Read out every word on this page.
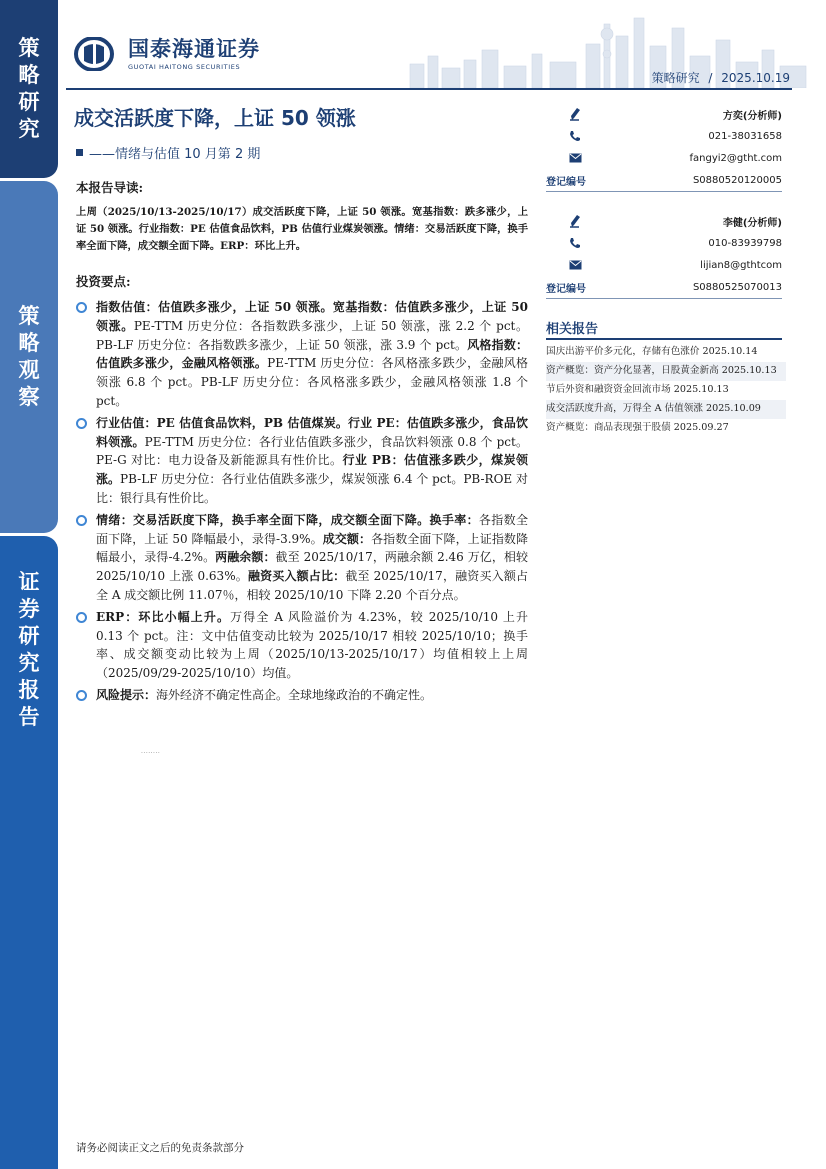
策
略
研
究
策
略
观
察
证
券
研
究
报
告
国泰海通证券
GUOTAI HAITONG SECURITIES
策略研究 / 2025.10.19
成交活跃度下降，上证 50 领涨
——情绪与估值 10 月第 2 期
本报告导读:

上周（2025/10/13-2025/10/17）成交活跃度下降，上证 50 领涨。宽基指数：跌多涨少，上证 50 领涨。行业指数：PE 估值食品饮料，PB 估值行业煤炭领涨。情绪：交易活跃度下降，换手率全面下降，成交额全面下降。ERP：环比上升。

投资要点:
指数估值：估值跌多涨少，上证 50 领涨。宽基指数：估值跌多涨少，上证 50 领涨。PE-TTM 历史分位：各指数跌多涨少，上证 50 领涨，涨 2.2 个 pct。PB-LF 历史分位：各指数跌多涨少，上证 50 领涨，涨 3.9 个 pct。风格指数：估值跌多涨少，金融风格领涨。PE-TTM 历史分位：各风格涨多跌少，金融风格领涨 6.8 个 pct。PB-LF 历史分位：各风格涨多跌少，金融风格领涨 1.8 个 pct。
行业估值：PE 估值食品饮料，PB 估值煤炭。行业 PE：估值跌多涨少，食品饮料领涨。PE-TTM 历史分位：各行业估值跌多涨少，食品饮料领涨 0.8 个 pct。PE-G 对比：电力设备及新能源具有性价比。行业 PB：估值涨多跌少，煤炭领涨。PB-LF 历史分位：各行业估值跌多涨少，煤炭领涨 6.4 个 pct。PB-ROE 对比：银行具有性价比。
情绪：交易活跃度下降，换手率全面下降，成交额全面下降。换手率：各指数全面下降，上证 50 降幅最小，录得-3.9%。成交额：各指数全面下降，上证指数降幅最小，录得-4.2%。两融余额：截至 2025/10/17，两融余额 2.46 万亿，相较 2025/10/10 上涨 0.63%。融资买入额占比：截至 2025/10/17，融资买入额占全 A 成交额比例 11.07％，相较 2025/10/10 下降 2.20 个百分点。
ERP：环比小幅上升。万得全 A 风险溢价为 4.23%，较 2025/10/10 上升 0.13 个 pct。注：文中估值变动比较为 2025/10/17 相较 2025/10/10；换手率、成交额变动比较为上周（2025/10/13-2025/10/17）均值相较上上周（2025/09/29-2025/10/10）均值。
风险提示：海外经济不确定性高企。全球地缘政治的不确定性。
........
方奕(分析师)
021-38031658
fangyi2@gtht.com
登记编号	S0880520120005
李健(分析师)
010-83939798
lijian8@gthtcom
登记编号	S0880525070013
相关报告
国庆出游平价多元化，存储有色涨价 2025.10.14
资产概览：资产分化显著，日股黄金新高 2025.10.13
节后外资和融资资金回流市场 2025.10.13
成交活跃度升高，万得全 A 估值领涨 2025.10.09
资产概览：商品表现强于股债 2025.09.27
请务必阅读正文之后的免责条款部分
